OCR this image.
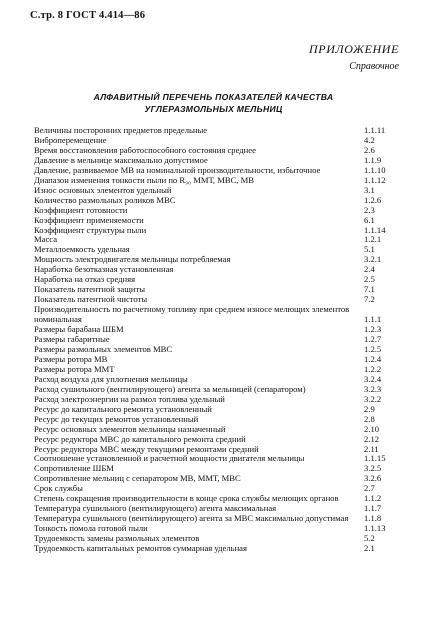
С.тр. 8 ГОСТ 4.414—86
ПРИЛОЖЕНИЕ
Справочное
АЛФАВИТНЫЙ ПЕРЕЧЕНЬ ПОКАЗАТЕЛЕЙ КАЧЕСТВА
УГЛЕРАЗМОЛЬНЫХ МЕЛЬНИЦ
Величины посторонних предметов предельные	1.1.11
Виброперемещение	4.2
Время восстановления работоспособного состояния среднее	2.6
Давление в мельнице максимально допустимое	1.1.9
Давление, развиваемое МВ на номинальной производительности, избыточное	1.1.10
Диапазон изменения тонкости пыли по R₉₀ ММТ, МВС, МВ	1.1.12
Износ основных элементов удельный	3.1
Количество размольных роликов МВС	1.2.6
Коэффициент готовности	2.3
Коэффициент применяемости	6.1
Коэффициент структуры пыли	1.1.14
Масса	1.2.1
Металлоемкость удельная	5.1
Мощность электродвигателя мельницы потребляемая	3.2.1
Наработка безотказная установленная	2.4
Наработка на отказ средняя	2.5
Показатель патентной защиты	7.1
Показатель патентной чистоты	7.2
Производительность по расчетному топливу при среднем износе мелющих элементов номинальная	1.1.1
Размеры барабана ШБМ	1.2.3
Размеры габаритные	1.2.7
Размеры размольных элементов МВС	1.2.5
Размеры ротора МВ	1.2.4
Размеры ротора ММТ	1.2.2
Расход воздуха для уплотнения мельницы	3.2.4
Расход сушильного (вентилирующего) агента за мельницей (сепаратором)	3.2.3
Расход электроэнергии на размол топлива удельный	3.2.2
Ресурс до капитального ремонта установленный	2.9
Ресурс до текущих ремонтов установленный	2.8
Ресурс основных элементов мельницы назначенный	2.10
Ресурс редуктора МВС до капитального ремонта средний	2.12
Ресурс редуктора МВС между текущими ремонтами средний	2.11
Соотношение установленной и расчетной мощности двигателя мельницы	1.1.15
Сопротивление ШБМ	3.2.5
Сопротивление мельниц с сепаратором МВ, ММТ, МВС	3.2.6
Срок службы	2.7
Степень сокращения производительности в конце срока службы мелющих органов	1.1.2
Температура сушильного (вентилирующего) агента максимальная	1.1.7
Температура сушильного (вентилирующего) агента за МВС максимально допустимая	1.1.8
Тонкость помола готовой пыли	1.1.13
Трудоемкость замены размольных элементов	5.2
Трудоемкость капитальных ремонтов суммарная удельная	2.1
